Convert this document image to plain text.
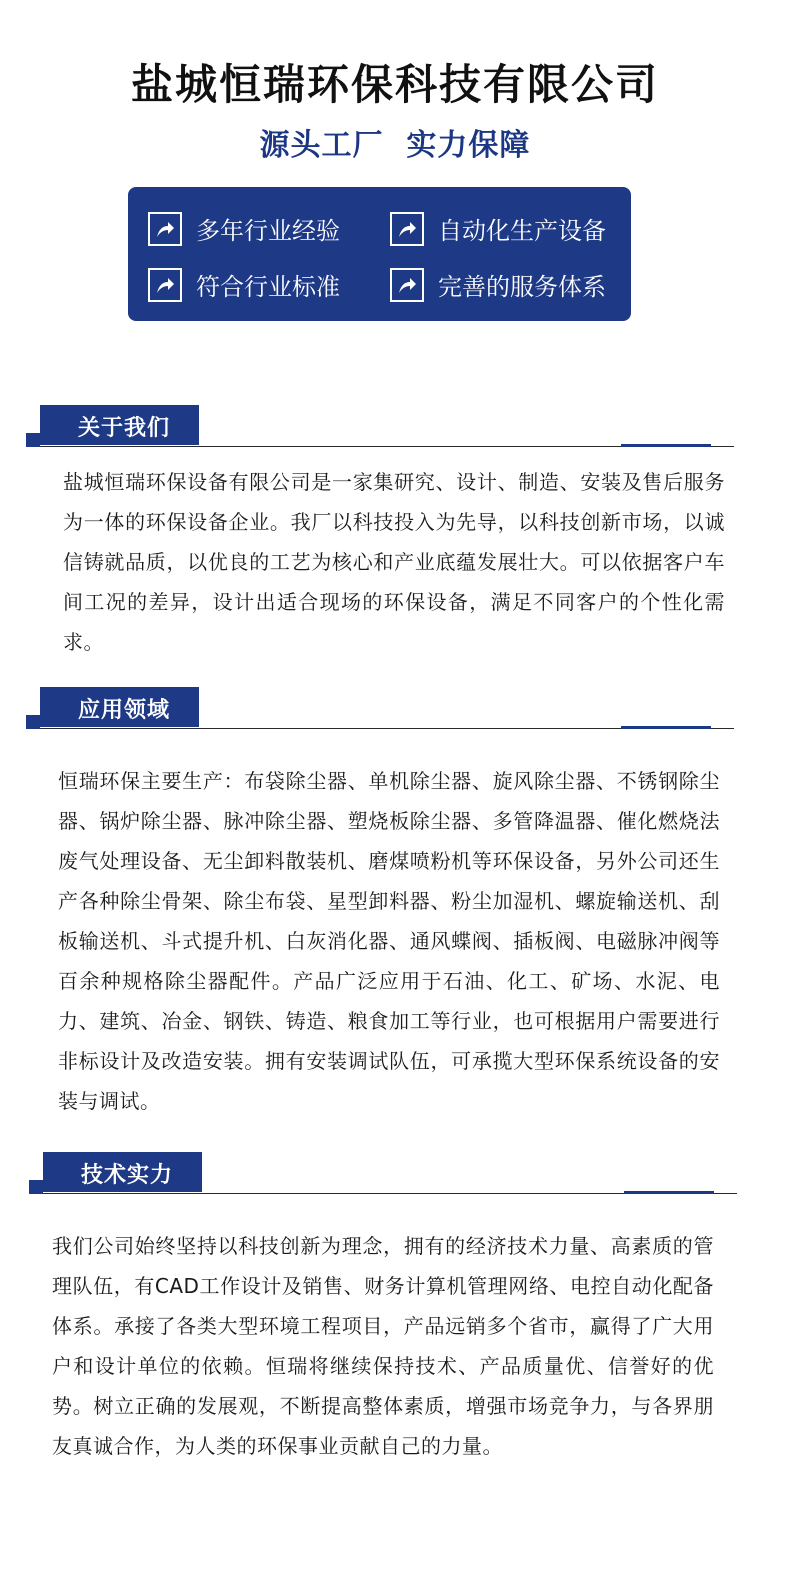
盐城恒瑞环保科技有限公司
源头工厂  实力保障
多年行业经验	自动化生产设备
符合行业标准	完善的服务体系
关于我们

盐城恒瑞环保设备有限公司是一家集研究、设计、制造、安装及售后服务为一体的环保设备企业。我厂以科技投入为先导，以科技创新市场，以诚信铸就品质，以优良的工艺为核心和产业底蕴发展壮大。可以依据客户车间工况的差异，设计出适合现场的环保设备，满足不同客户的个性化需求。

应用领域

恒瑞环保主要生产：布袋除尘器、单机除尘器、旋风除尘器、不锈钢除尘器、锅炉除尘器、脉冲除尘器、塑烧板除尘器、多管降温器、催化燃烧法废气处理设备、无尘卸料散装机、磨煤喷粉机等环保设备，另外公司还生产各种除尘骨架、除尘布袋、星型卸料器、粉尘加湿机、螺旋输送机、刮板输送机、斗式提升机、白灰消化器、通风蝶阀、插板阀、电磁脉冲阀等百余种规格除尘器配件。产品广泛应用于石油、化工、矿场、水泥、电力、建筑、冶金、钢铁、铸造、粮食加工等行业，也可根据用户需要进行非标设计及改造安装。拥有安装调试队伍，可承揽大型环保系统设备的安装与调试。

技术实力

我们公司始终坚持以科技创新为理念，拥有的经济技术力量、高素质的管理队伍，有CAD工作设计及销售、财务计算机管理网络、电控自动化配备体系。承接了各类大型环境工程项目，产品远销多个省市，赢得了广大用户和设计单位的依赖。恒瑞将继续保持技术、产品质量优、信誉好的优势。树立正确的发展观，不断提高整体素质，增强市场竞争力，与各界朋友真诚合作，为人类的环保事业贡献自己的力量。
